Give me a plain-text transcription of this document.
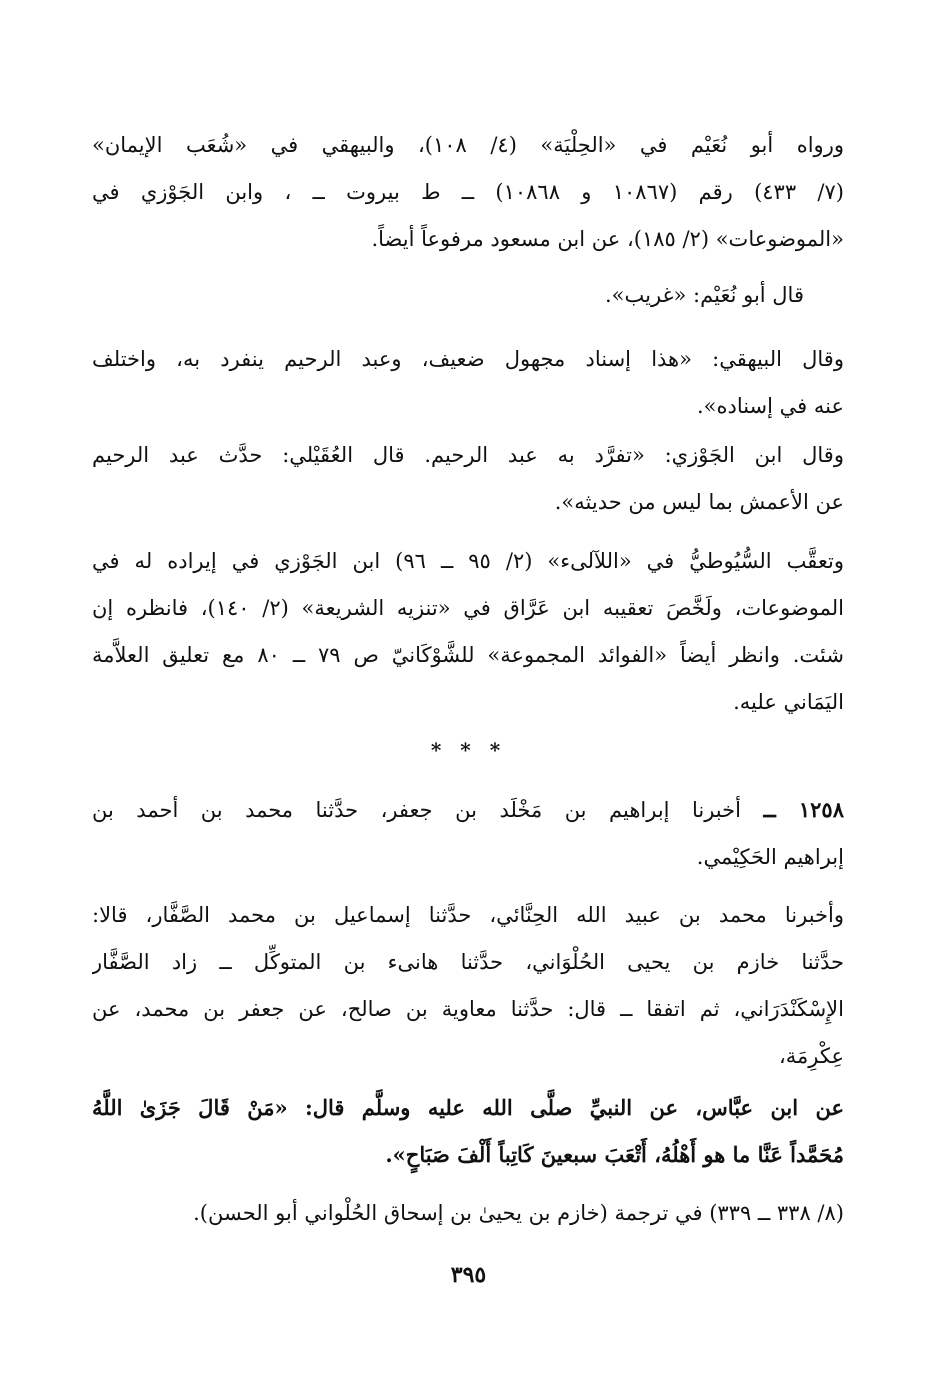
ورواه أبو نُعَيْم في «الحِلْيَة» (٤/ ١٠٨)، والبيهقي في «شُعَب الإيمان»
(٧/ ٤٣٣) رقم (١٠٨٦٧ و ١٠٨٦٨) ــ ط بيروت ــ ، وابن الجَوْزي في
«الموضوعات» (٢/ ١٨٥)، عن ابن مسعود مرفوعاً أيضاً.
قال أبو نُعَيْم: «غريب».
وقال البيهقي: «هذا إسناد مجهول ضعيف، وعبد الرحيم ينفرد به، واختلف
عنه في إسناده».
وقال ابن الجَوْزي: «تفرَّد به عبد الرحيم. قال العُقَيْلي: حدَّث عبد الرحيم
عن الأعمش بما ليس من حديثه».
وتعقَّب السُّيُوطيُّ في «اللآلىء» (٢/ ٩٥ ــ ٩٦) ابن الجَوْزي في إيراده له في
الموضوعات، ولَخَّصَ تعقيبه ابن عَرَّاق في «تنزيه الشريعة» (٢/ ١٤٠)، فانظره إن
شئت. وانظر أيضاً «الفوائد المجموعة» للشَّوْكَانيّ ص ٧٩ ــ ٨٠ مع تعليق العلاَّمة
اليَمَاني عليه.
* * *
١٢٥٨ ــ أخبرنا إبراهيم بن مَخْلَد بن جعفر، حدَّثنا محمد بن أحمد بن
إبراهيم الحَكِيْمي.
وأخبرنا محمد بن عبيد الله الحِنَّائي، حدَّثنا إسماعيل بن محمد الصَّفَّار، قالا:
حدَّثنا خازم بن يحيى الحُلْوَاني، حدَّثنا هانىء بن المتوكِّل ــ زاد الصَّفَّار
الإِسْكَنْدَرَاني، ثم اتفقا ــ قال: حدَّثنا معاوية بن صالح، عن جعفر بن محمد، عن
عِكْرِمَة،
عن ابن عبَّاس، عن النبيِّ صلَّى الله عليه وسلَّم قال: «مَنْ قَالَ جَزَىٰ اللَّهُ
مُحَمَّداً عَنَّا ما هو أَهْلُهُ، أَتْعَبَ سبعينَ كَاتِباً أَلْفَ صَبَاحٍ».
(٨/ ٣٣٨ ــ ٣٣٩) في ترجمة (خازم بن يحيىٰ بن إسحاق الحُلْواني أبو الحسن).
٣٩٥
